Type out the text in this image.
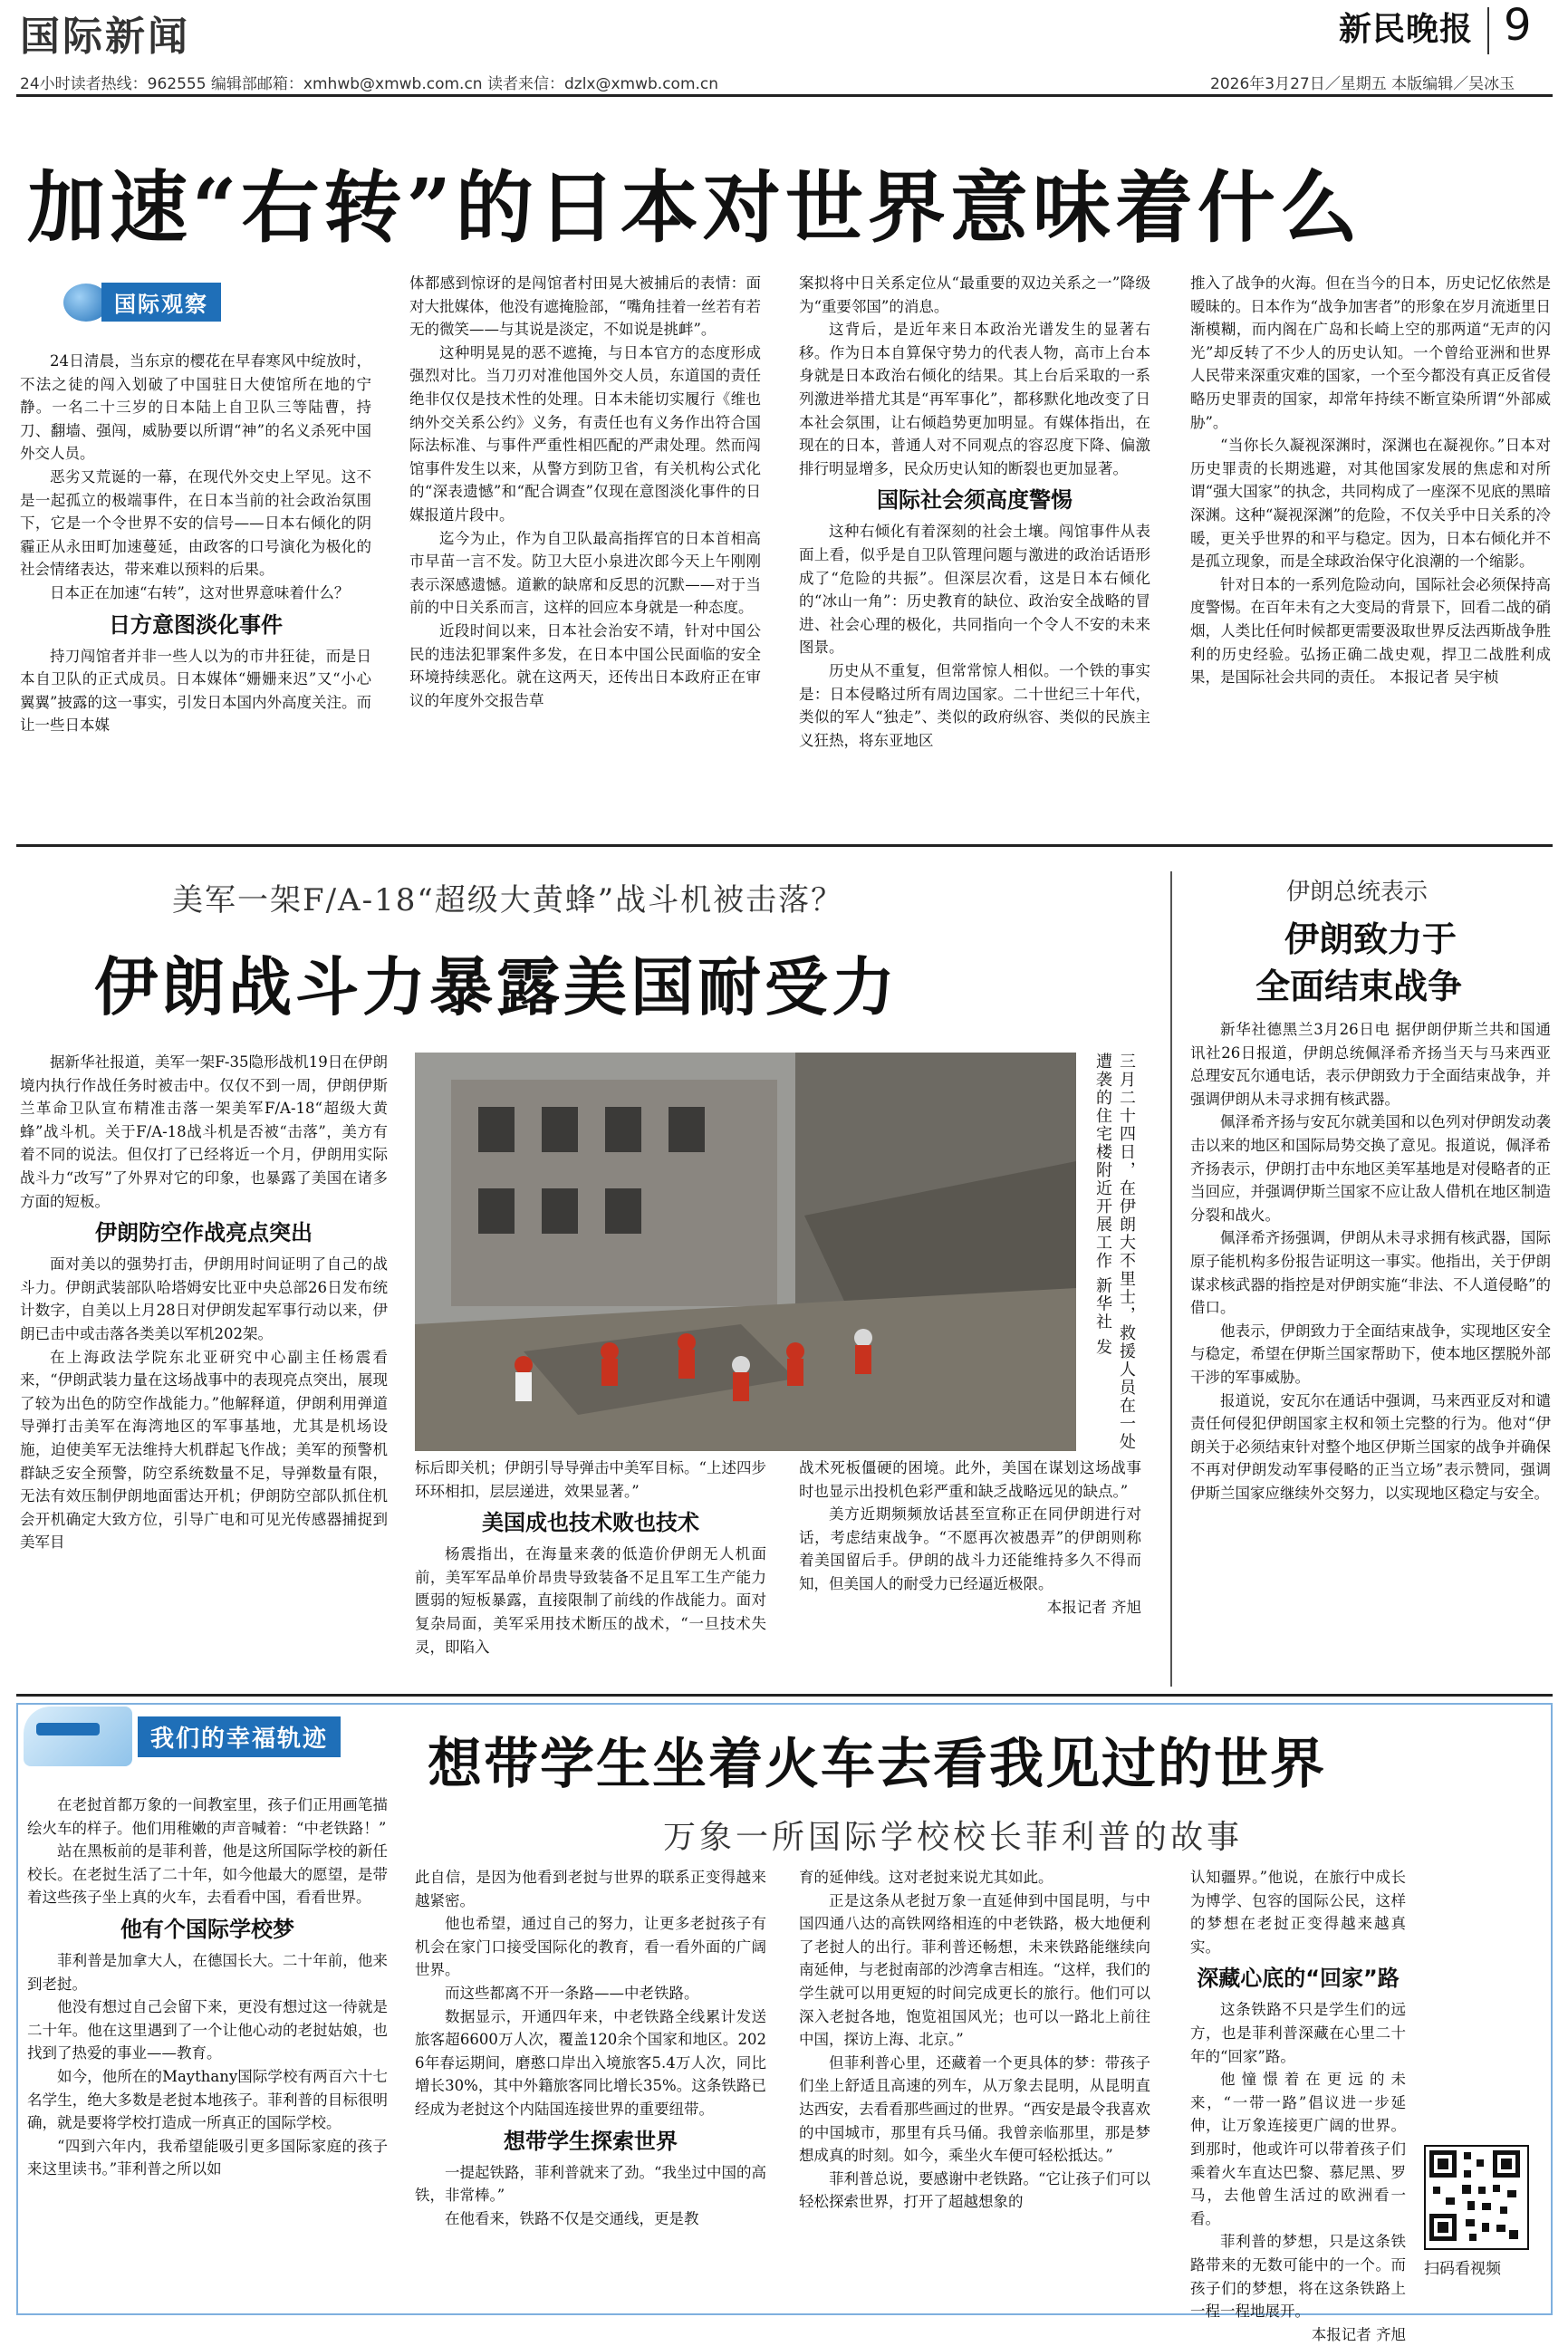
国际新闻	新民晚报 9
24小时读者热线：962555 编辑部邮箱：xmhwb@xmwb.com.cn 读者来信：dzlx@xmwb.com.cn	2026年3月27日／星期五 本版编辑／吴冰玉
加速“右转”的日本对世界意味着什么
国际观察

24日清晨，当东京的樱花在早春寒风中绽放时，不法之徒的闯入划破了中国驻日大使馆所在地的宁静。一名二十三岁的日本陆上自卫队三等陆曹，持刀、翻墙、强闯，威胁要以所谓“神”的名义杀死中国外交人员。

恶劣又荒诞的一幕，在现代外交史上罕见。这不是一起孤立的极端事件，在日本当前的社会政治氛围下，它是一个令世界不安的信号——日本右倾化的阴霾正从永田町加速蔓延，由政客的口号演化为极化的社会情绪表达，带来难以预料的后果。

日本正在加速“右转”，这对世界意味着什么？

日方意图淡化事件

持刀闯馆者并非一些人以为的市井狂徒，而是日本自卫队的正式成员。日本媒体“姗姗来迟”又“小心翼翼”披露的这一事实，引发日本国内外高度关注。而让一些日本媒

体都感到惊讶的是闯馆者村田晃大被捕后的表情：面对大批媒体，他没有遮掩脸部，“嘴角挂着一丝若有若无的微笑——与其说是淡定，不如说是挑衅”。

这种明晃晃的恶不遮掩，与日本官方的态度形成强烈对比。当刀刃对准他国外交人员，东道国的责任绝非仅仅是技术性的处理。日本未能切实履行《维也纳外交关系公约》义务，有责任也有义务作出符合国际法标准、与事件严重性相匹配的严肃处理。然而闯馆事件发生以来，从警方到防卫省，有关机构公式化的“深表遗憾”和“配合调查”仅现在意图淡化事件的日媒报道片段中。

迄今为止，作为自卫队最高指挥官的日本首相高市早苗一言不发。防卫大臣小泉进次郎今天上午刚刚表示深感遗憾。道歉的缺席和反思的沉默——对于当前的中日关系而言，这样的回应本身就是一种态度。

近段时间以来，日本社会治安不靖，针对中国公民的违法犯罪案件多发，在日本中国公民面临的安全环境持续恶化。就在这两天，还传出日本政府正在审议的年度外交报告草

案拟将中日关系定位从“最重要的双边关系之一”降级为“重要邻国”的消息。

这背后，是近年来日本政治光谱发生的显著右移。作为日本自算保守势力的代表人物，高市上台本身就是日本政治右倾化的结果。其上台后采取的一系列激进举措尤其是“再军事化”，都移默化地改变了日本社会氛围，让右倾趋势更加明显。有媒体指出，在现在的日本，普通人对不同观点的容忍度下降、偏激排行明显增多，民众历史认知的断裂也更加显著。

国际社会须高度警惕

这种右倾化有着深刻的社会土壤。闯馆事件从表面上看，似乎是自卫队管理问题与激进的政治话语形成了“危险的共振”。但深层次看，这是日本右倾化的“冰山一角”：历史教育的缺位、政治安全战略的冒进、社会心理的极化，共同指向一个令人不安的未来图景。

历史从不重复，但常常惊人相似。一个铁的事实是：日本侵略过所有周边国家。二十世纪三十年代，类似的军人“独走”、类似的政府纵容、类似的民族主义狂热，将东亚地区

推入了战争的火海。但在当今的日本，历史记忆依然是暧昧的。日本作为“战争加害者”的形象在岁月流逝里日渐模糊，而内阁在广岛和长崎上空的那两道“无声的闪光”却反转了不少人的历史认知。一个曾给亚洲和世界人民带来深重灾难的国家，一个至今都没有真正反省侵略历史罪责的国家，却常年持续不断宣染所谓“外部威胁”。

“当你长久凝视深渊时，深渊也在凝视你。”日本对历史罪责的长期逃避，对其他国家发展的焦虑和对所谓“强大国家”的执念，共同构成了一座深不见底的黑暗深渊。这种“凝视深渊”的危险，不仅关乎中日关系的冷暖，更关乎世界的和平与稳定。因为，日本右倾化并不是孤立现象，而是全球政治保守化浪潮的一个缩影。

针对日本的一系列危险动向，国际社会必须保持高度警惕。在百年未有之大变局的背景下，回看二战的硝烟，人类比任何时候都更需要汲取世界反法西斯战争胜利的历史经验。弘扬正确二战史观，捍卫二战胜利成果，是国际社会共同的责任。 本报记者 吴宇桢

美军一架F/A-18“超级大黄蜂”战斗机被击落？
伊朗战斗力暴露美国耐受力

据新华社报道，美军一架F-35隐形战机19日在伊朗境内执行作战任务时被击中。仅仅不到一周，伊朗伊斯兰革命卫队宣布精准击落一架美军F/A-18“超级大黄蜂”战斗机。关于F/A-18战斗机是否被“击落”，美方有着不同的说法。但仅打了已经将近一个月，伊朗用实际战斗力“改写”了外界对它的印象，也暴露了美国在诸多方面的短板。

伊朗防空作战亮点突出

面对美以的强势打击，伊朗用时间证明了自己的战斗力。伊朗武装部队哈塔姆安比亚中央总部26日发布统计数字，自美以上月28日对伊朗发起军事行动以来，伊朗已击中或击落各类美以军机202架。

在上海政法学院东北亚研究中心副主任杨震看来，“伊朗武装力量在这场战事中的表现亮点突出，展现了较为出色的防空作战能力。”他解释道，伊朗利用弹道导弹打击美军在海湾地区的军事基地，尤其是机场设施，迫使美军无法维持大机群起飞作战；美军的预警机群缺乏安全预警，防空系统数量不足，导弹数量有限，无法有效压制伊朗地面雷达开机；伊朗防空部队抓住机会开机确定大致方位，引导广电和可见光传感器捕捉到美军目

三月二十四日，在伊朗大不里士，救援人员在一处遭袭的住宅楼附近开展工作 新华社 发

标后即关机；伊朗引导导弹击中美军目标。“上述四步环环相扣，层层递进，效果显著。”

美国成也技术败也技术

杨震指出，在海量来袭的低造价伊朗无人机面前，美军军品单价昂贵导致装备不足且军工生产能力匮弱的短板暴露，直接限制了前线的作战能力。面对复杂局面，美军采用技术断压的战术，“一旦技术失灵，即陷入

战术死板僵硬的困境。此外，美国在谋划这场战事时也显示出投机色彩严重和缺乏战略远见的缺点。”

美方近期频频放话甚至宣称正在同伊朗进行对话，考虑结束战争。“不愿再次被愚弄”的伊朗则称着美国留后手。伊朗的战斗力还能维持多久不得而知，但美国人的耐受力已经逼近极限。

本报记者 齐旭

伊朗总统表示
伊朗致力于
全面结束战争

新华社德黑兰3月26日电 据伊朗伊斯兰共和国通讯社26日报道，伊朗总统佩泽希齐扬当天与马来西亚总理安瓦尔通电话，表示伊朗致力于全面结束战争，并强调伊朗从未寻求拥有核武器。

佩泽希齐扬与安瓦尔就美国和以色列对伊朗发动袭击以来的地区和国际局势交换了意见。报道说，佩泽希齐扬表示，伊朗打击中东地区美军基地是对侵略者的正当回应，并强调伊斯兰国家不应让敌人借机在地区制造分裂和战火。

佩泽希齐扬强调，伊朗从未寻求拥有核武器，国际原子能机构多份报告证明这一事实。他指出，关于伊朗谋求核武器的指控是对伊朗实施“非法、不人道侵略”的借口。

他表示，伊朗致力于全面结束战争，实现地区安全与稳定，希望在伊斯兰国家帮助下，使本地区摆脱外部干涉的军事威胁。

报道说，安瓦尔在通话中强调，马来西亚反对和谴责任何侵犯伊朗国家主权和领土完整的行为。他对“伊朗关于必须结束针对整个地区伊斯兰国家的战争并确保不再对伊朗发动军事侵略的正当立场”表示赞同，强调伊斯兰国家应继续外交努力，以实现地区稳定与安全。

我们的幸福轨迹 想带学生坐着火车去看我见过的世界
万象一所国际学校校长菲利普的故事

在老挝首都万象的一间教室里，孩子们正用画笔描绘火车的样子。他们用稚嫩的声音喊着：“中老铁路！”

站在黑板前的是菲利普，他是这所国际学校的新任校长。在老挝生活了二十年，如今他最大的愿望，是带着这些孩子坐上真的火车，去看看中国，看看世界。

他有个国际学校梦

菲利普是加拿大人，在德国长大。二十年前，他来到老挝。

他没有想过自己会留下来，更没有想过这一待就是二十年。他在这里遇到了一个让他心动的老挝姑娘，也找到了热爱的事业——教育。

如今，他所在的Maythany国际学校有两百六十七名学生，绝大多数是老挝本地孩子。菲利普的目标很明确，就是要将学校打造成一所真正的国际学校。

“四到六年内，我希望能吸引更多国际家庭的孩子来这里读书。”菲利普之所以如

此自信，是因为他看到老挝与世界的联系正变得越来越紧密。

他也希望，通过自己的努力，让更多老挝孩子有机会在家门口接受国际化的教育，看一看外面的广阔世界。

而这些都离不开一条路——中老铁路。

数据显示，开通四年来，中老铁路全线累计发送旅客超6600万人次，覆盖120余个国家和地区。2026年春运期间，磨憨口岸出入境旅客5.4万人次，同比增长30%，其中外籍旅客同比增长35%。这条铁路已经成为老挝这个内陆国连接世界的重要纽带。

想带学生探索世界

一提起铁路，菲利普就来了劲。“我坐过中国的高铁，非常棒。”

在他看来，铁路不仅是交通线，更是教

育的延伸线。这对老挝来说尤其如此。

正是这条从老挝万象一直延伸到中国昆明，与中国四通八达的高铁网络相连的中老铁路，极大地便利了老挝人的出行。菲利普还畅想，未来铁路能继续向南延伸，与老挝南部的沙湾拿吉相连。“这样，我们的学生就可以用更短的时间完成更长的旅行。他们可以深入老挝各地，饱览祖国风光；也可以一路北上前往中国，探访上海、北京。”

但菲利普心里，还藏着一个更具体的梦：带孩子们坐上舒适且高速的列车，从万象去昆明，从昆明直达西安，去看看那些画过的世界。“西安是最令我喜欢的中国城市，那里有兵马俑。我曾亲临那里，那是梦想成真的时刻。如今，乘坐火车便可轻松抵达。”

菲利普总说，要感谢中老铁路。“它让孩子们可以轻松探索世界，打开了超越想象的

认知疆界。”他说，在旅行中成长为博学、包容的国际公民，这样的梦想在老挝正变得越来越真实。

深藏心底的“回家”路

这条铁路不只是学生们的远方，也是菲利普深藏在心里二十年的“回家”路。

他憧憬着在更远的未来，“一带一路”倡议进一步延伸，让万象连接更广阔的世界。到那时，他或许可以带着孩子们乘着火车直达巴黎、慕尼黑、罗马，去他曾生活过的欧洲看一看。

菲利普的梦想，只是这条铁路带来的无数可能中的一个。而孩子们的梦想，将在这条铁路上一程一程地展开。

本报记者 齐旭

扫码看视频
